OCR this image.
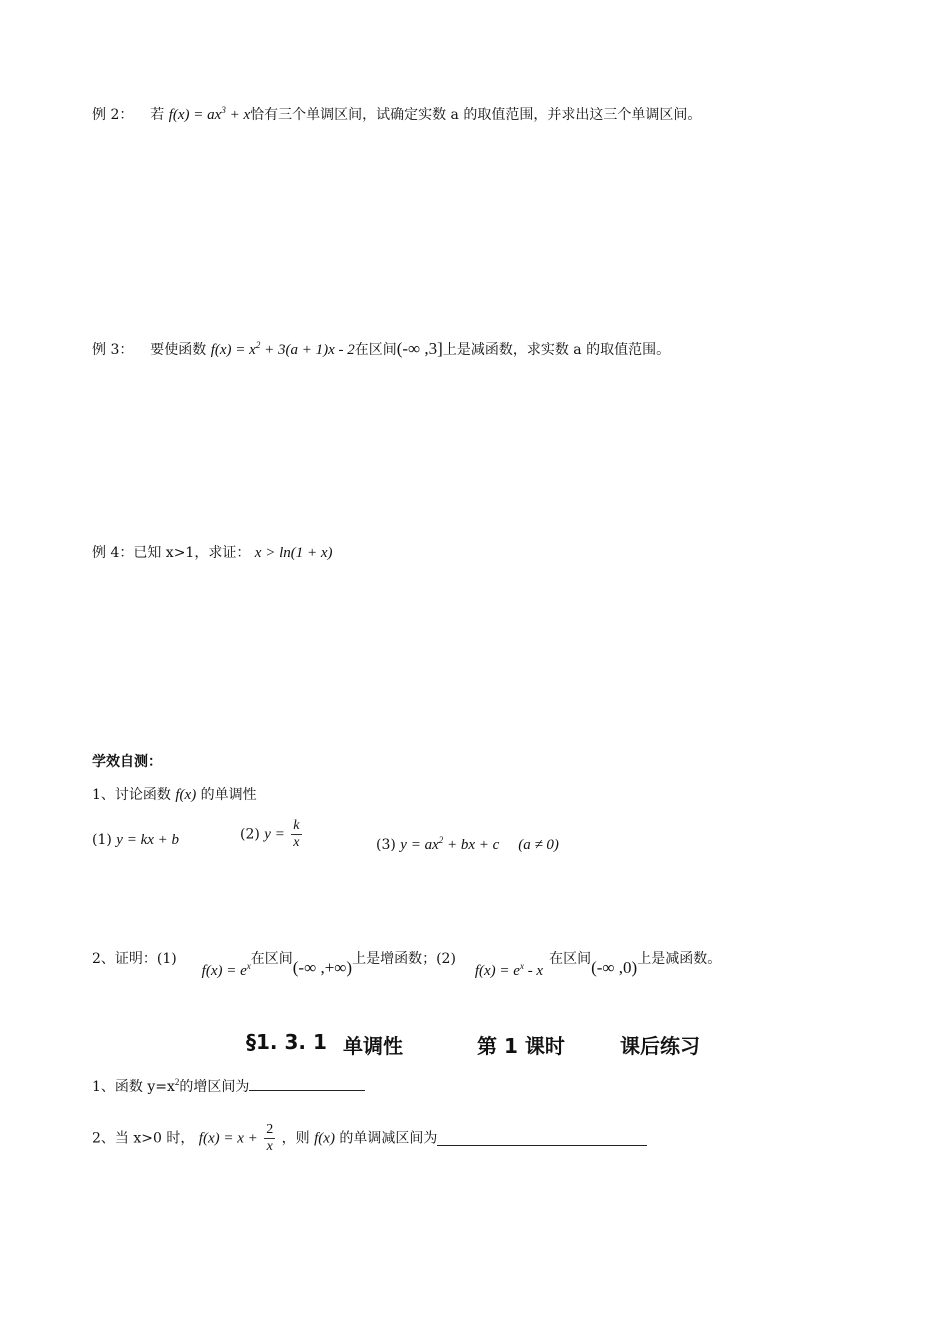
例 2： 若 $f(x) = ax^3 + x$恰有三个单调区间，试确定实数 a 的取值范围，并求出这三个单调区间。
例 3： 要使函数 $f(x) = x^2 + 3(a + 1)x - 2$在区间(-∞ ,3]上是减函数，求实数 a 的取值范围。
例 4：已知 x>1，求证： x > ln(1 + x)
学效自测：
1、讨论函数 f(x) 的单调性
(1) y = kx + b	(2) $y = \frac{k}{x}$	(3) $y = ax^2$ + bx + c (a ≠ 0)
2、证明：(1)  $f(x) = e^x$在区间(-∞ ,+∞)上是增函数；(2)  $f(x) = e^x - x$在区间(-∞ ,0)上是减函数。
§1. 3. 1 单调性	第 1 课时	课后练习
1、函数 $y=x^2$的增区间为
2、当 x>0 时， $f(x) = x + \frac{2}{x}$ ，则 f(x) 的单调减区间为
